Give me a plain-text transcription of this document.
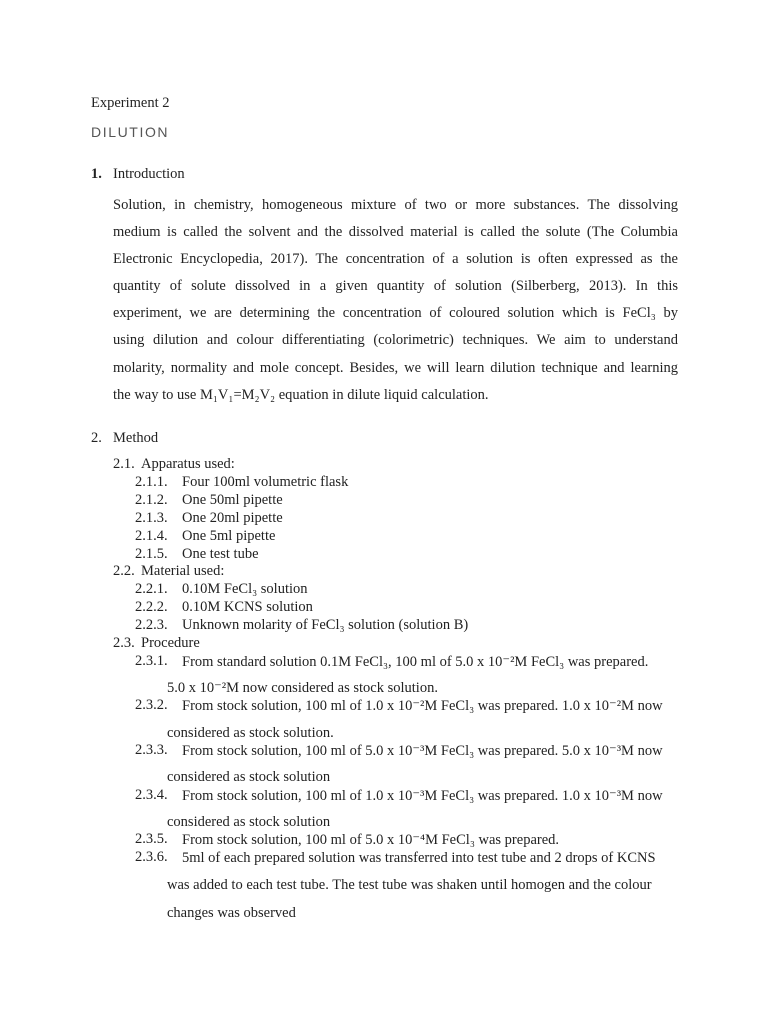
Experiment 2
DILUTION
1. Introduction
Solution, in chemistry, homogeneous mixture of two or more substances. The dissolving
medium is called the solvent and the dissolved material is called the solute (The Columbia
Electronic Encyclopedia, 2017). The concentration of a solution is often expressed as the
quantity of solute dissolved in a given quantity of solution (Silberberg, 2013). In this
experiment, we are determining the concentration of coloured solution which is FeCl₃ by
using dilution and colour differentiating (colorimetric) techniques. We aim to understand
molarity, normality and mole concept. Besides, we will learn dilution technique and learning
the way to use M₁V₁=M₂V₂ equation in dilute liquid calculation.
2. Method
2.1. Apparatus used:
2.1.1. Four 100ml volumetric flask
2.1.2. One 50ml pipette
2.1.3. One 20ml pipette
2.1.4. One 5ml pipette
2.1.5. One test tube
2.2. Material used:
2.2.1. 0.10M FeCl₃ solution
2.2.2. 0.10M KCNS solution
2.2.3. Unknown molarity of FeCl₃ solution (solution B)
2.3. Procedure
2.3.1. From standard solution 0.1M FeCl₃, 100 ml of 5.0 x 10⁻²M FeCl₃ was prepared.
5.0 x 10⁻²M now considered as stock solution.
2.3.2. From stock solution, 100 ml of 1.0 x 10⁻²M FeCl₃ was prepared. 1.0 x 10⁻²M now
considered as stock solution.
2.3.3. From stock solution, 100 ml of 5.0 x 10⁻³M FeCl₃ was prepared. 5.0 x 10⁻³M now
considered as stock solution
2.3.4. From stock solution, 100 ml of 1.0 x 10⁻³M FeCl₃ was prepared. 1.0 x 10⁻³M now
considered as stock solution
2.3.5. From stock solution, 100 ml of 5.0 x 10⁻⁴M FeCl₃ was prepared.
2.3.6. 5ml of each prepared solution was transferred into test tube and 2 drops of KCNS
was added to each test tube. The test tube was shaken until homogen and the colour
changes was observed
